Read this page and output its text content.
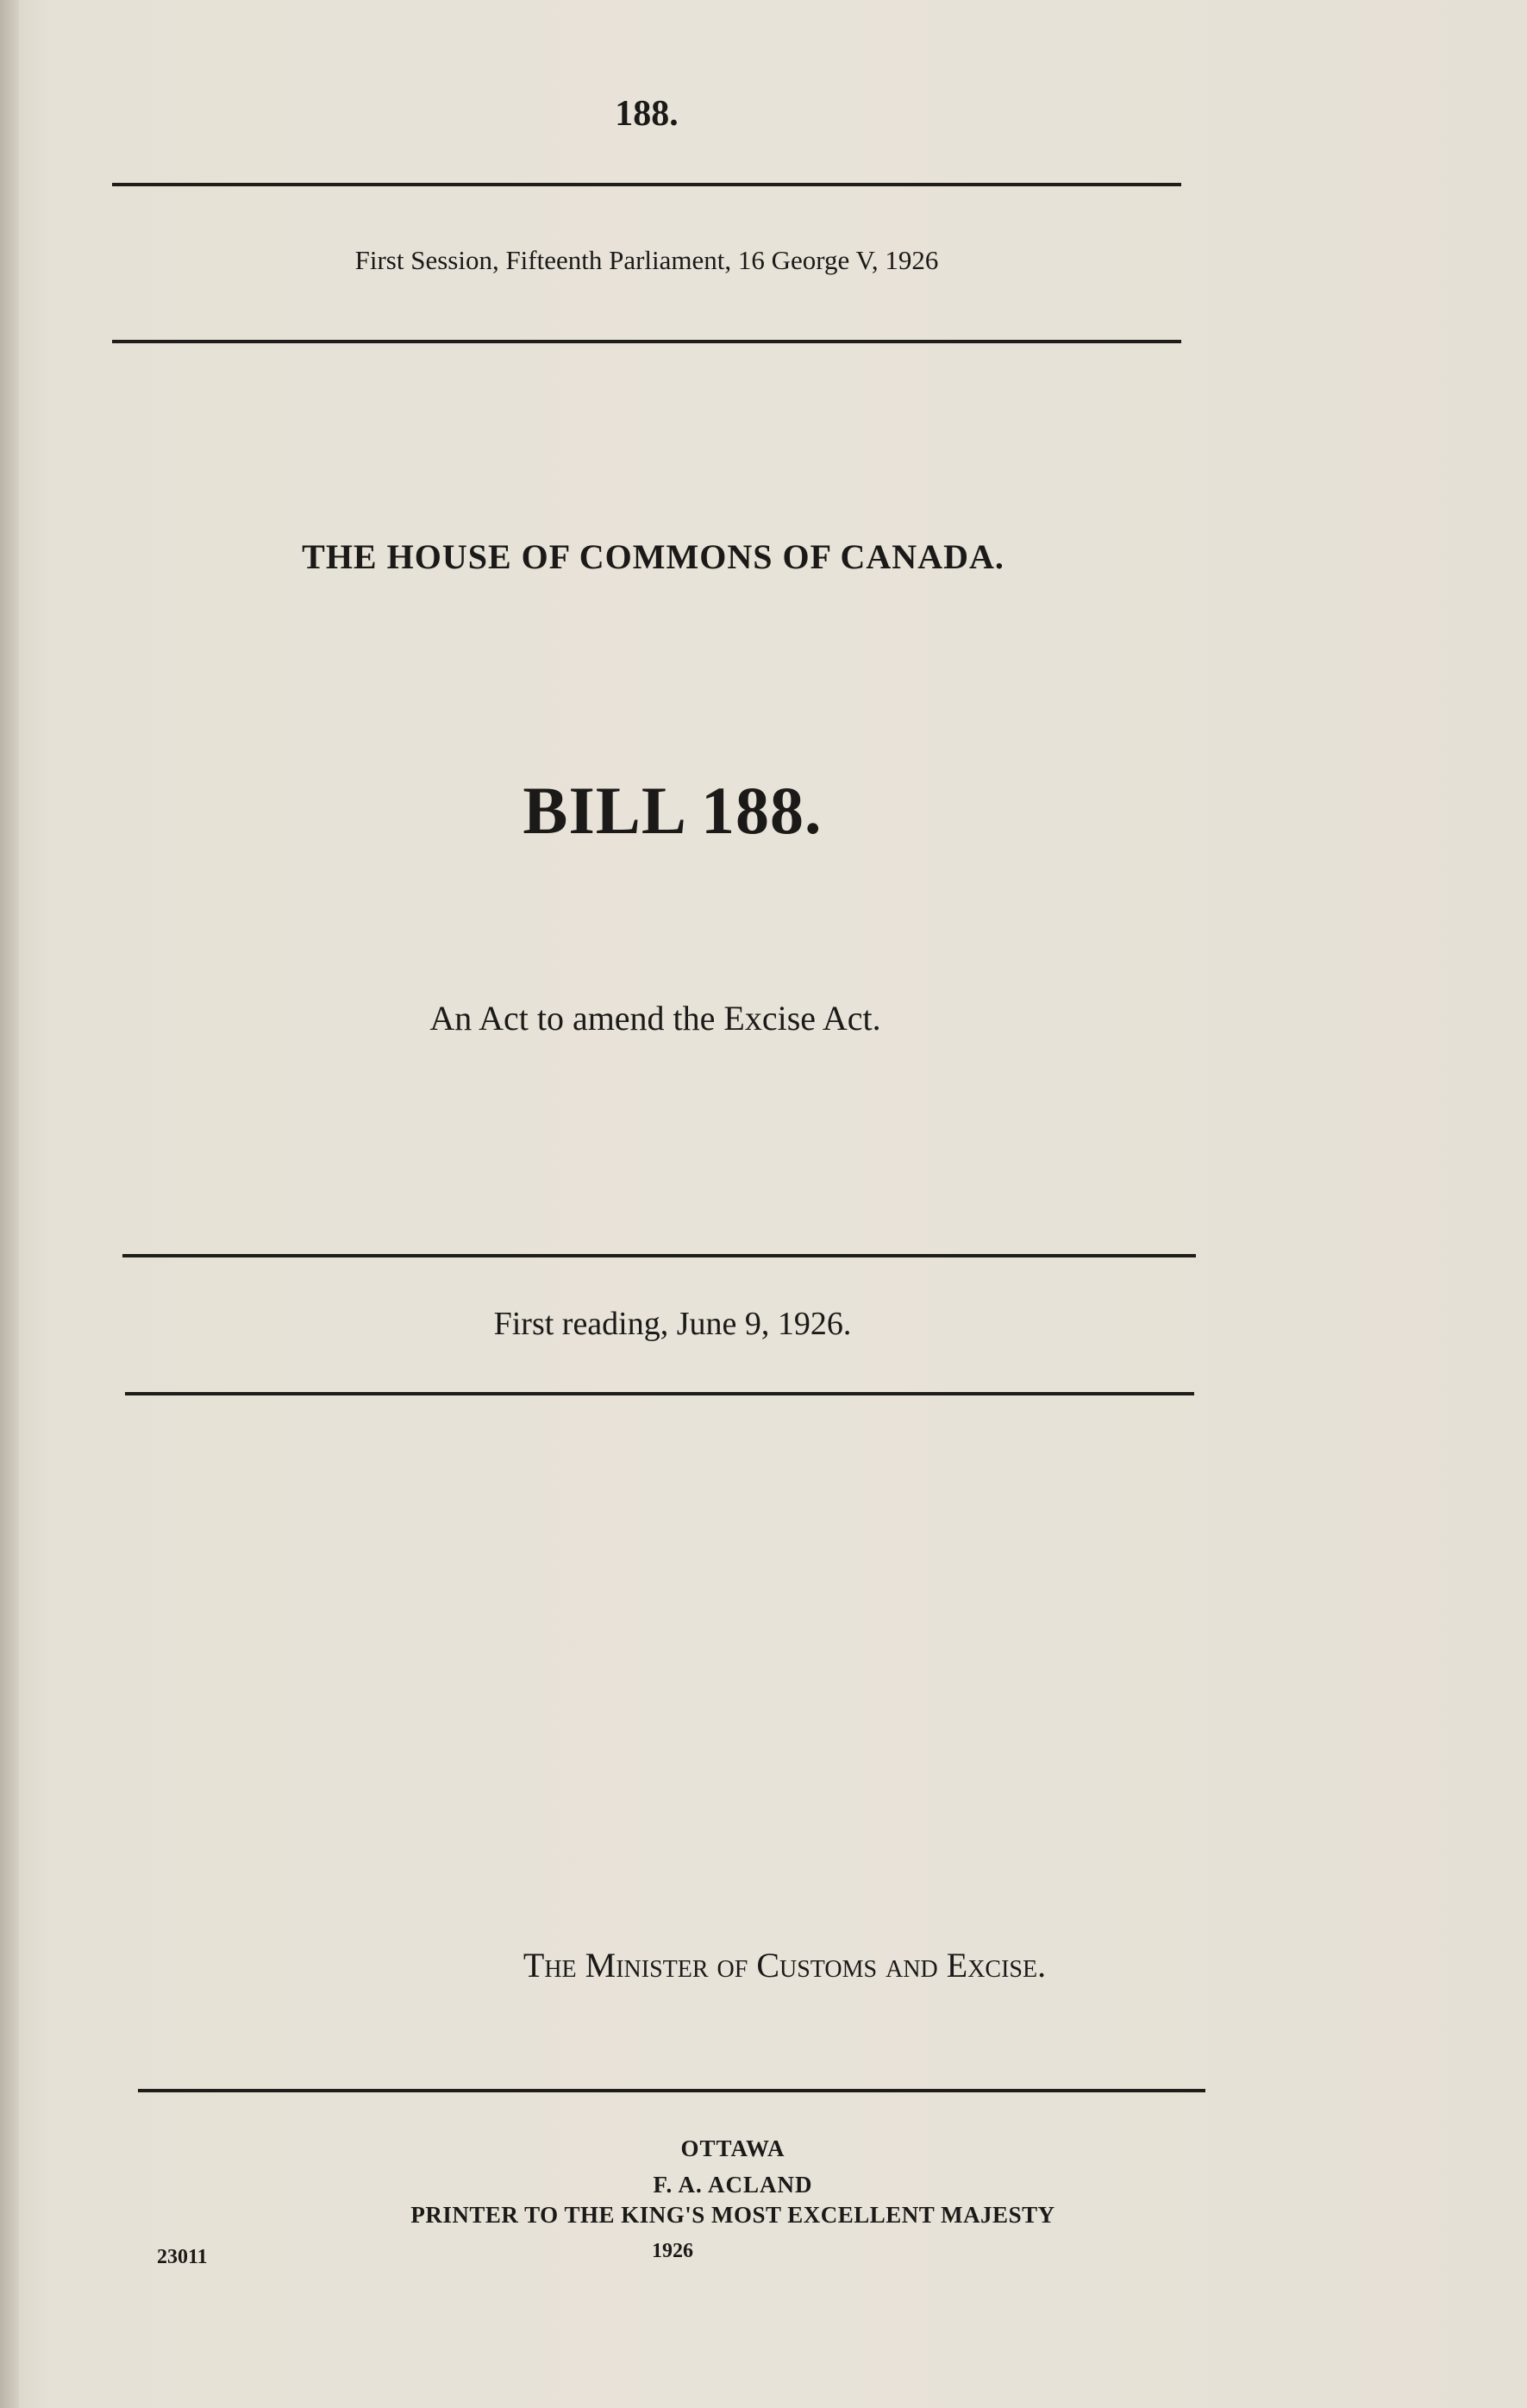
188.
First Session, Fifteenth Parliament, 16 George V, 1926
THE HOUSE OF COMMONS OF CANADA.
BILL 188.
An Act to amend the Excise Act.
First reading, June 9, 1926.
The Minister of Customs and Excise.
OTTAWA
F. A. ACLAND
PRINTER TO THE KING'S MOST EXCELLENT MAJESTY
1926
23011
